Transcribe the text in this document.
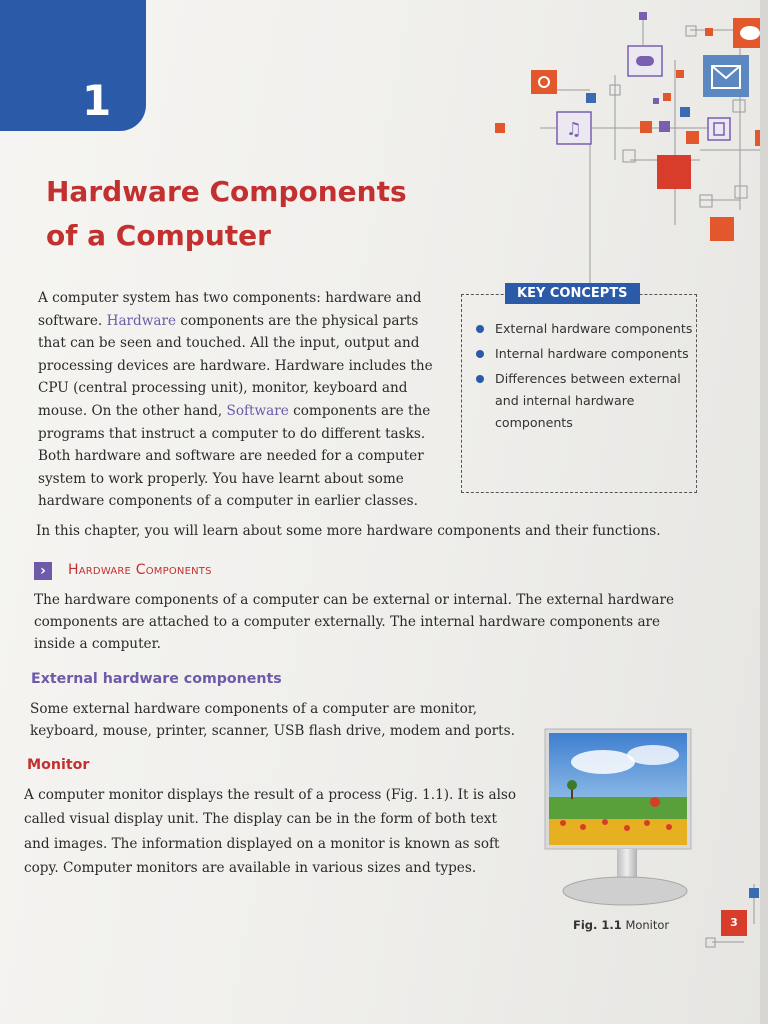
1
♫
Hardware Components
of a Computer

A computer system has two components: hardware and software. Hardware components are the physical parts that can be seen and touched. All the input, output and processing devices are hardware. Hardware includes the CPU (central processing unit), monitor, keyboard and mouse. On the other hand, Software components are the programs that instruct a computer to do different tasks. Both hardware and software are needed for a computer system to work properly. You have learnt about some hardware components of a computer in earlier classes.

In this chapter, you will learn about some more hardware components and their functions.

KEY CONCEPTS
External hardware components
Internal hardware components
Differences between external and internal hardware components
›	Hardware Components

The hardware components of a computer can be external or internal. The external hardware components are attached to a computer externally. The internal hardware components are inside a computer.

External hardware components

Some external hardware components of a computer are monitor, keyboard, mouse, printer, scanner, USB flash drive, modem and ports.

Monitor

A computer monitor displays the result of a process (Fig. 1.1). It is also called visual display unit. The display can be in the form of both text and images. The information displayed on a monitor is known as soft copy. Computer monitors are available in various sizes and types.

Fig. 1.1 Monitor	3
